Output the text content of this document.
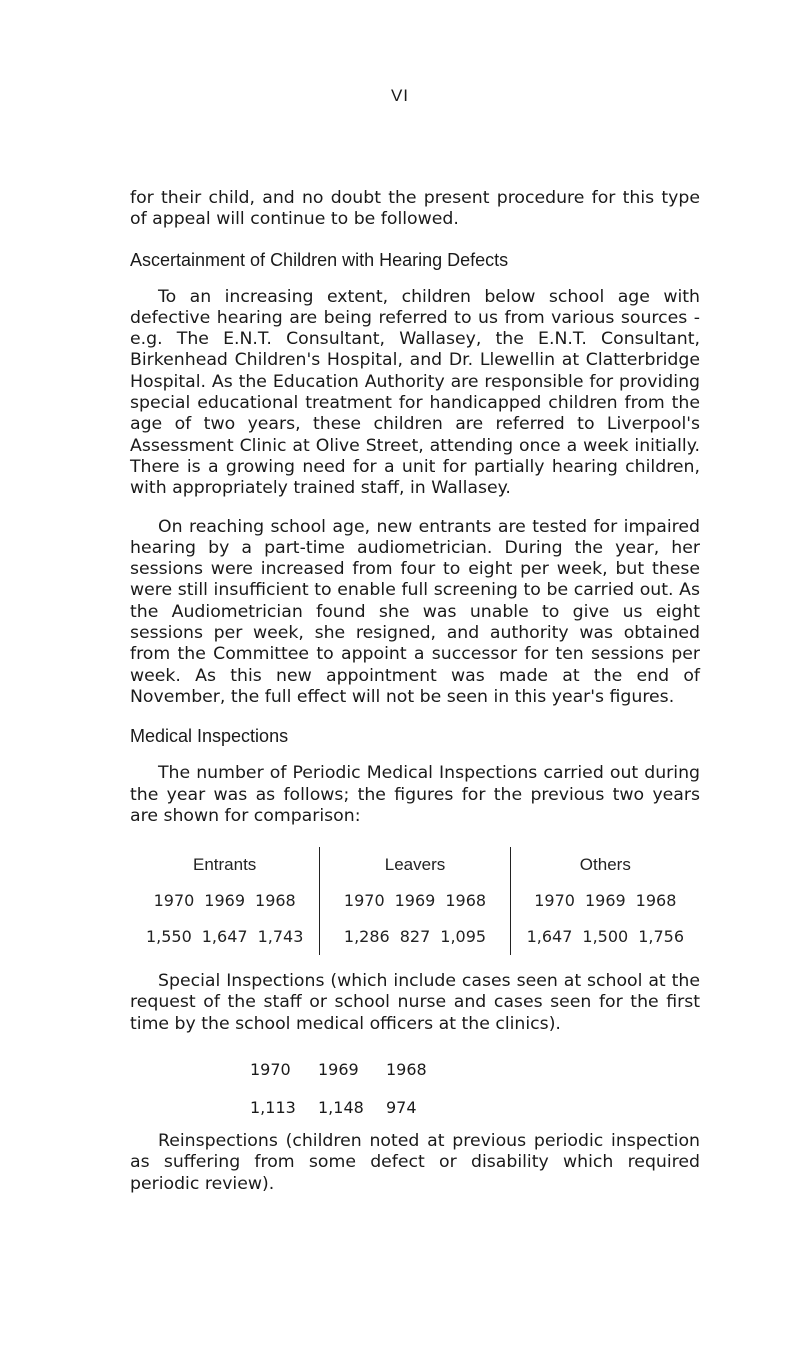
VI

for their child, and no doubt the present procedure for this type of appeal will continue to be followed.

Ascertainment of Children with Hearing Defects

To an increasing extent, children below school age with defective hearing are being referred to us from various sources - e.g. The E.N.T. Consultant, Wallasey, the E.N.T. Consultant, Birkenhead Children's Hospital, and Dr. Llewellin at Clatterbridge Hospital. As the Education Authority are responsible for providing special educational treatment for handicapped children from the age of two years, these children are referred to Liverpool's Assessment Clinic at Olive Street, attending once a week initially. There is a growing need for a unit for partially hearing children, with appropriately trained staff, in Wallasey.

On reaching school age, new entrants are tested for impaired hearing by a part-time audiometrician. During the year, her sessions were increased from four to eight per week, but these were still insufficient to enable full screening to be carried out. As the Audiometrician found she was unable to give us eight sessions per week, she resigned, and authority was obtained from the Committee to appoint a successor for ten sessions per week. As this new appointment was made at the end of November, the full effect will not be seen in this year's figures.

Medical Inspections

The number of Periodic Medical Inspections carried out during the year was as follows; the figures for the previous two years are shown for comparison:

Entrants
1970 1969 1968
1,550 1,647 1,743
Leavers
1970 1969 1968
1,286 827 1,095
Others
1970 1969 1968
1,647 1,500 1,756

Special Inspections (which include cases seen at school at the request of the staff or school nurse and cases seen for the first time by the school medical officers at the clinics).

1970 1969 1968
1,113 1,148 974

Reinspections (children noted at previous periodic inspection as suffering from some defect or disability which required periodic review).
